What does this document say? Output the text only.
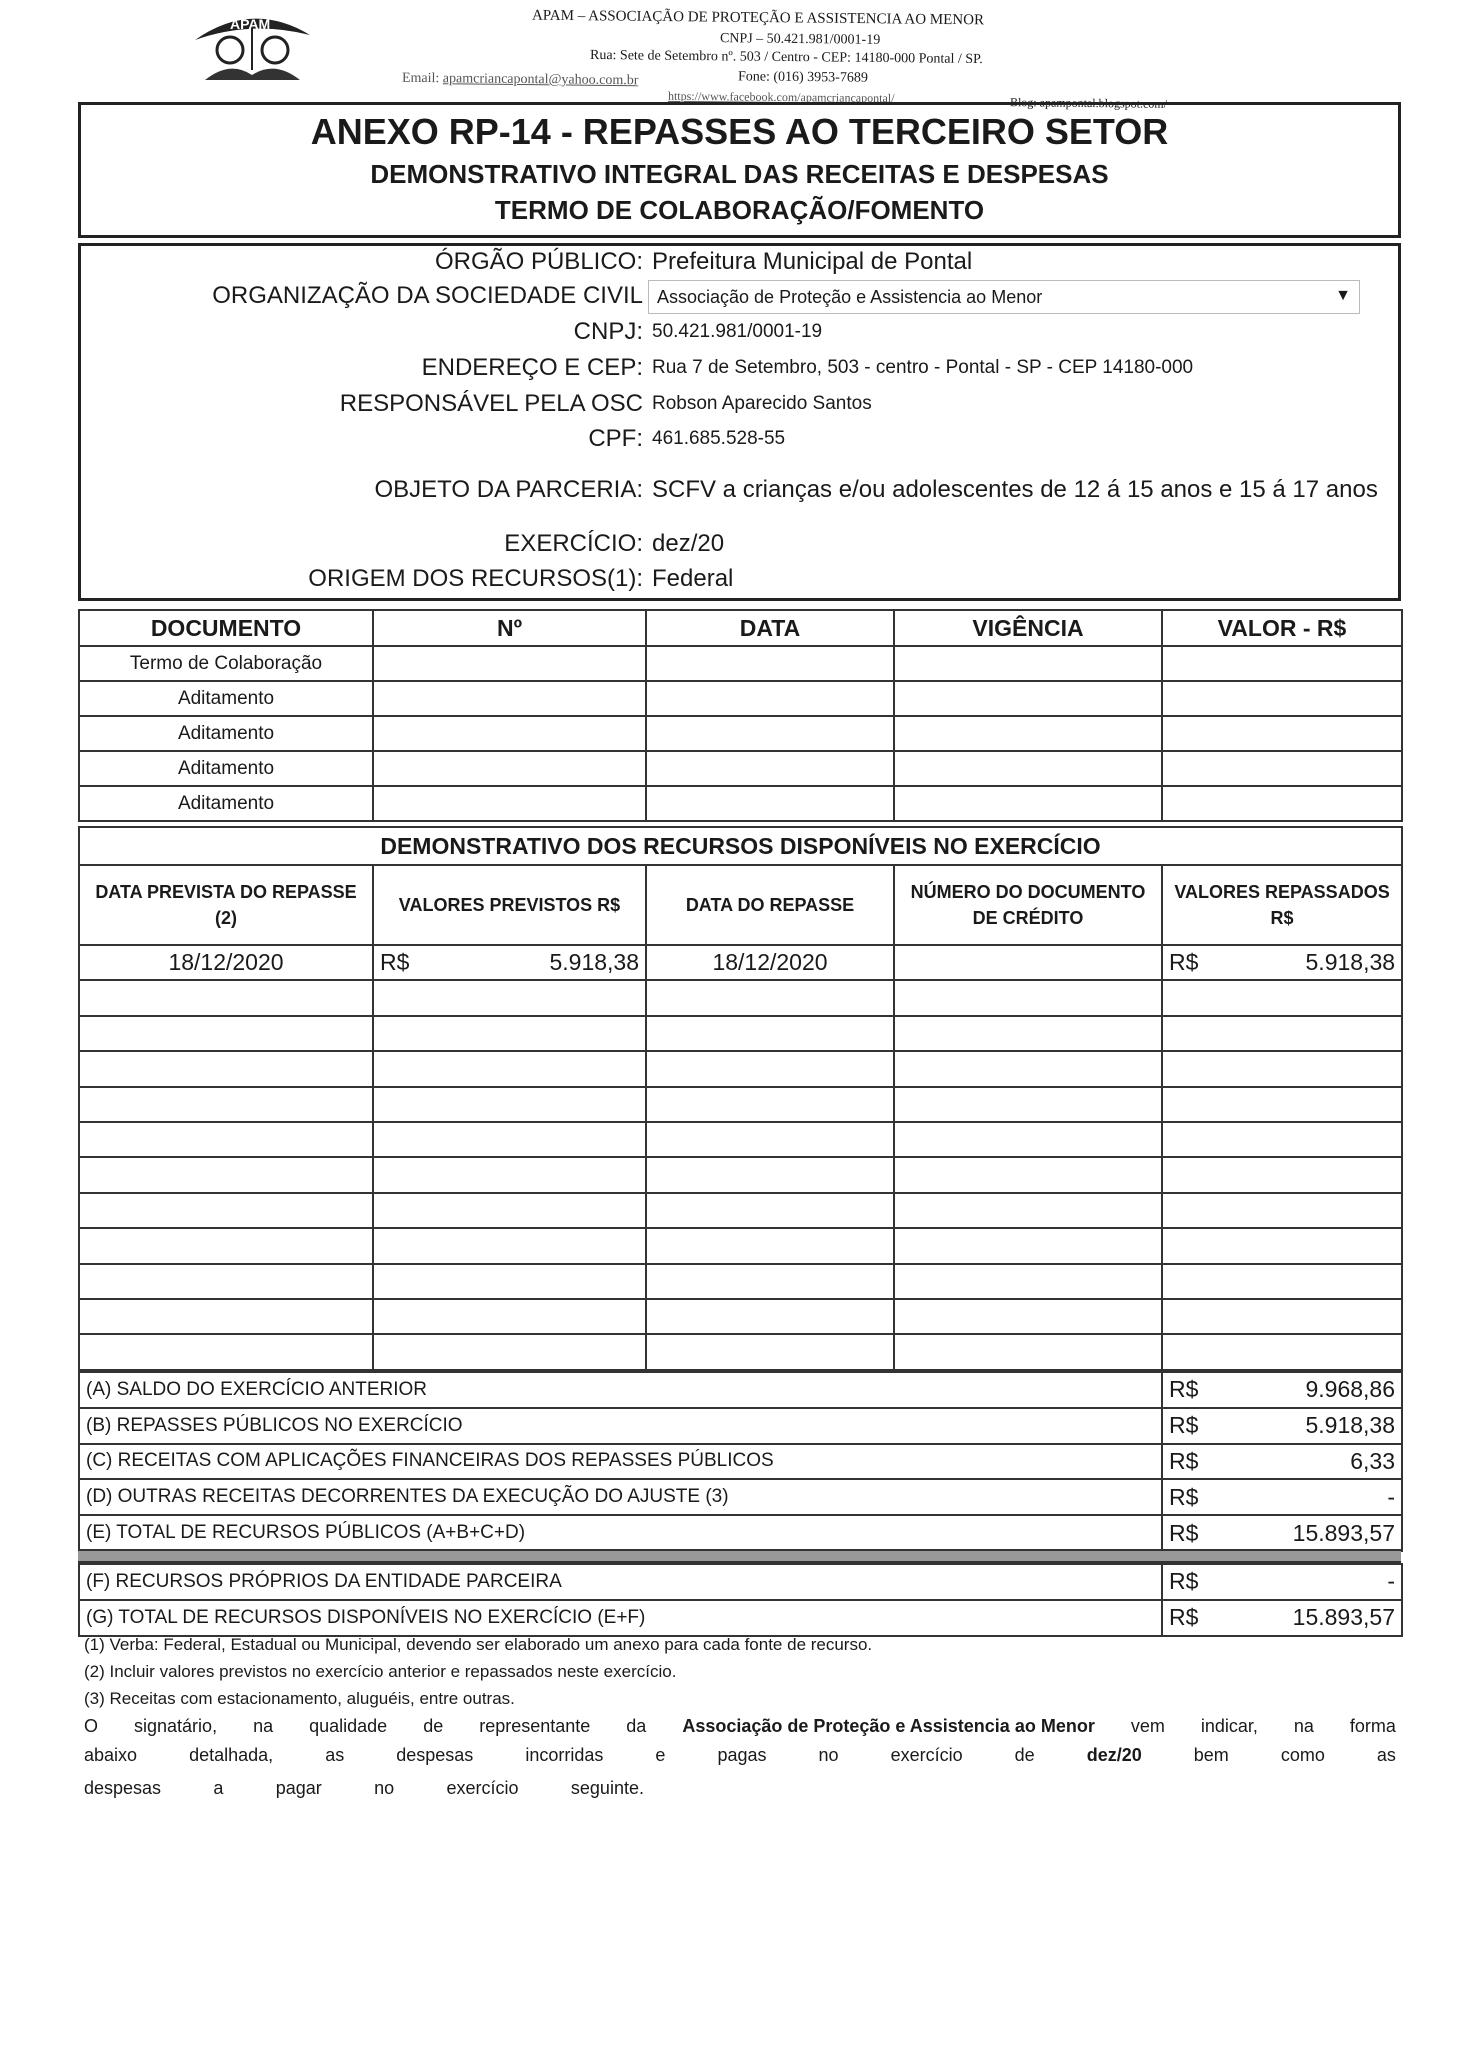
APAM	APAM – ASSOCIAÇÃO DE PROTEÇÃO E ASSISTENCIA AO MENOR
CNPJ – 50.421.981/0001-19
Rua: Sete de Setembro nº. 503 / Centro - CEP: 14180-000 Pontal / SP.
Fone: (016) 3953-7689
Email: apamcriancapontal@yahoo.com.br
https://www.facebook.com/apamcriancapontal/	Blog: apampontal.blogspot.com/
ANEXO RP-14 - REPASSES AO TERCEIRO SETOR
DEMONSTRATIVO INTEGRAL DAS RECEITAS E DESPESAS
TERMO DE COLABORAÇÃO/FOMENTO
ÓRGÃO PÚBLICO: Prefeitura Municipal de Pontal
ORGANIZAÇÃO DA SOCIEDADE CIVIL
CNPJ: 50.421.981/0001-19
ENDEREÇO E CEP: Rua 7 de Setembro, 503 - centro - Pontal - SP - CEP 14180-000
RESPONSÁVEL PELA OSC Robson Aparecido Santos
CPF: 461.685.528-55
OBJETO DA PARCERIA: SCFV a crianças e/ou adolescentes de 12 á 15 anos e 15 á 17 anos
EXERCÍCIO: dez/20
ORIGEM DOS RECURSOS(1): Federal
Associação de Proteção e Assistencia ao Menor	▼
DOCUMENTO	Nº	DATA	VIGÊNCIA	VALOR - R$
Termo de Colaboração				
Aditamento				
Aditamento				
Aditamento				
Aditamento				
DEMONSTRATIVO DOS RECURSOS DISPONÍVEIS NO EXERCÍCIO				
DATA PREVISTA DO REPASSE (2)	VALORES PREVISTOS R$	DATA DO REPASSE	NÚMERO DO DOCUMENTO DE CRÉDITO	VALORES REPASSADOS R$
18/12/2020	R$ 5.918,38	18/12/2020		R$ 5.918,38

(A) SALDO DO EXERCÍCIO ANTERIOR	R$ 9.968,86

(B) REPASSES PÚBLICOS NO EXERCÍCIO	R$ 5.918,38

(C) RECEITAS COM APLICAÇÕES FINANCEIRAS DOS REPASSES PÚBLICOS	R$ 6,33

(D) OUTRAS RECEITAS DECORRENTES DA EXECUÇÃO DO AJUSTE (3)	R$ -

(E) TOTAL DE RECURSOS PÚBLICOS (A+B+C+D)	R$ 15.893,57
(F) RECURSOS PRÓPRIOS DA ENTIDADE PARCEIRA	R$ -

(G) TOTAL DE RECURSOS DISPONÍVEIS NO EXERCÍCIO (E+F)	R$ 15.893,57
(1) Verba: Federal, Estadual ou Municipal, devendo ser elaborado um anexo para cada fonte de recurso.
(2) Incluir valores previstos no exercício anterior e repassados neste exercício.
(3) Receitas com estacionamento, aluguéis, entre outras.
O signatário, na qualidade de representante da Associação de Proteção e Assistencia ao Menor vem indicar, na forma
abaixo	detalhada,	as	despesas	incorridas	e	pagas	no	exercício	de	dez/20	bem	como	as
despesas	a	pagar	no	exercício	seguinte.
